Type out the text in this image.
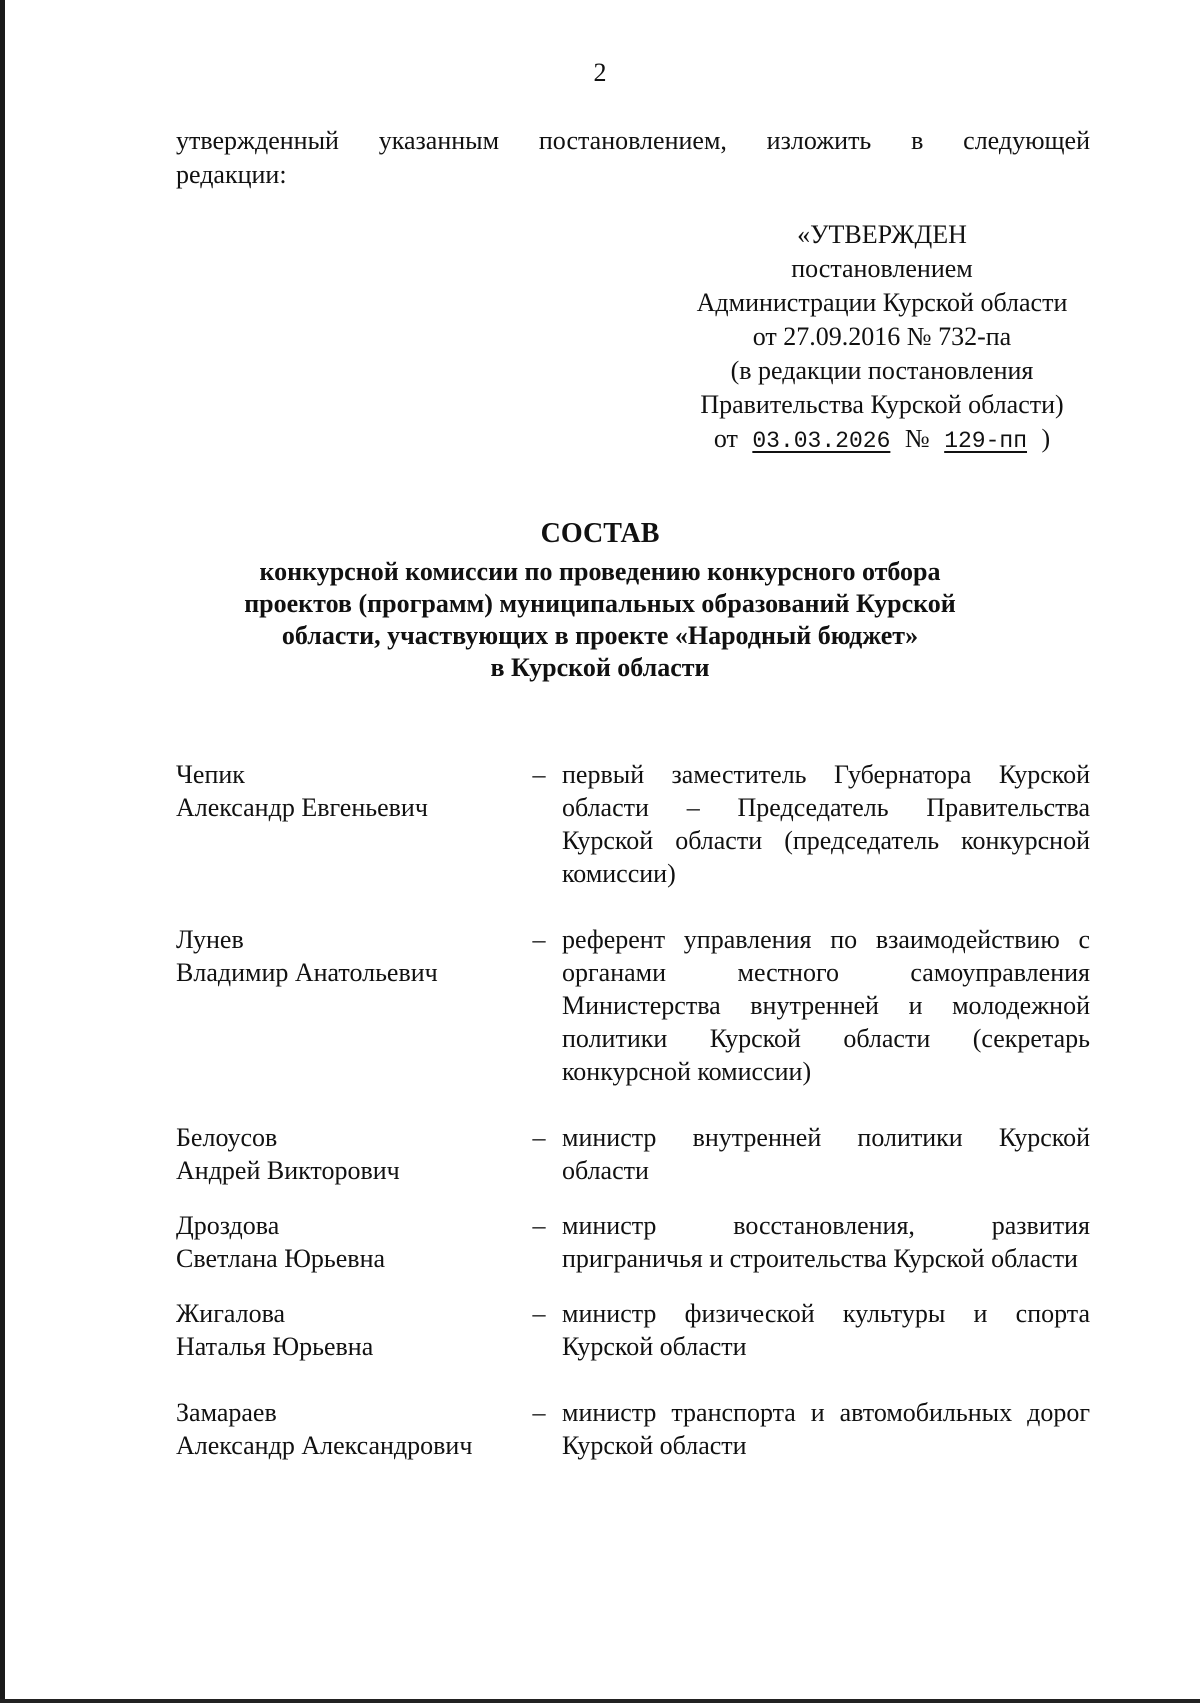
2
утвержденный указанным постановлением, изложить в следующей
редакции:
«УТВЕРЖДЕН
постановлением
Администрации Курской области
от 27.09.2016 № 732-па
(в редакции постановления
Правительства Курской области)
от 03.03.2026 № 129-пп )
СОСТАВ
конкурсной комиссии по проведению конкурсного отбора
проектов (программ) муниципальных образований Курской
области, участвующих в проекте «Народный бюджет»
в Курской области
Чепик
Александр Евгеньевич
– первый заместитель Губернатора Курской области – Председатель Правительства Курской области (председатель конкурсной комиссии)
Лунев
Владимир Анатольевич
– референт управления по взаимодействию с органами местного самоуправления Министерства внутренней и молодежной политики Курской области (секретарь конкурсной комиссии)
Белоусов
Андрей Викторович
– министр внутренней политики Курской области
Дроздова
Светлана Юрьевна
– министр восстановления, развития приграничья и строительства Курской области
Жигалова
Наталья Юрьевна
– министр физической культуры и спорта Курской области
Замараев
Александр Александрович
– министр транспорта и автомобильных дорог Курской области
